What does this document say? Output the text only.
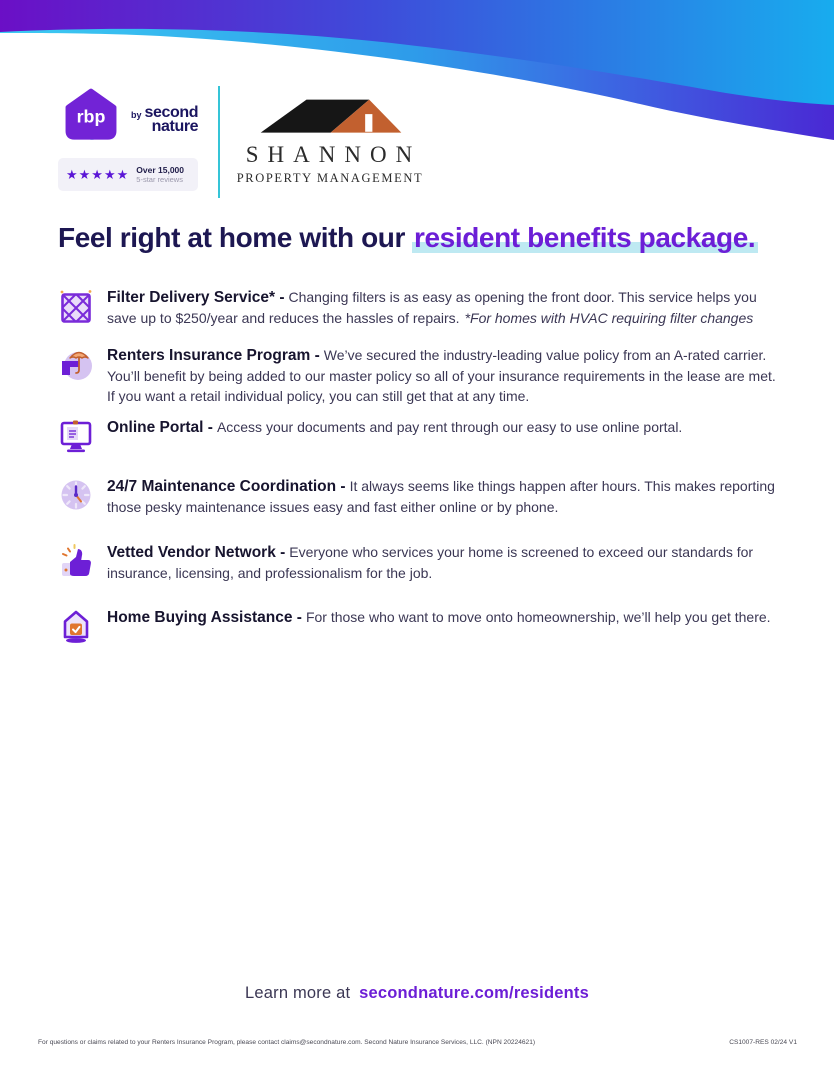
rbp	by second
nature
★★★★★ Over 15,000
5-star reviews
SHANNON
PROPERTY MANAGEMENT
Feel right at home with our resident benefits package.
Filter Delivery Service* - Changing filters is as easy as opening the front door. This service helps you save up to $250/year and reduces the hassles of repairs. *For homes with HVAC requiring filter changes
Renters Insurance Program - We’ve secured the industry-leading value policy from an A-rated carrier. You’ll benefit by being added to our master policy so all of your insurance requirements in the lease are met. If you want a retail individual policy, you can still get that at any time.
Online Portal - Access your documents and pay rent through our easy to use online portal.
24/7 Maintenance Coordination - It always seems like things happen after hours. This makes reporting those pesky maintenance issues easy and fast either online or by phone.
Vetted Vendor Network - Everyone who services your home is screened to exceed our standards for insurance, licensing, and professionalism for the job.
Home Buying Assistance - For those who want to move onto homeownership, we’ll help you get there.
Learn more at secondnature.com/residents
For questions or claims related to your Renters Insurance Program, please contact claims@secondnature.com. Second Nature Insurance Services, LLC. (NPN 20224621)	CS1007-RES 02/24 V1
